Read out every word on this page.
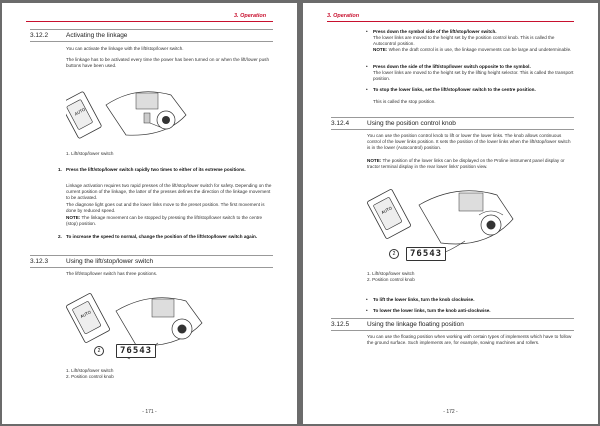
3. Operation
3.12.2	Activating the linkage
You can activate the linkage with the lift/stop/lower switch.
The linkage has to be activated every time the power has been turned on or when the lift/lower push buttons have been used.
AUTO
1. Lift/stop/lower switch
1. Press the lift/stop/lower switch rapidly two times to either of its extreme positions.
Linkage activation requires two rapid presses of the lift/stop/lower switch for safety. Depending on the current position of the linkage, the latter of the presses defines the direction of the linkage movement to be activated.
The diagnose light goes out and the lower links move to the preset position. The first movement is done by reduced speed.
NOTE: The linkage movement can be stopped by pressing the lift/stop/lower switch to the centre (stop) position.
2. To increase the speed to normal, change the position of the lift/stop/lower switch again.
3.12.3	Using the lift/stop/lower switch
The lift/stop/lower switch has three positions.
AUTO
2	76543
1. Lift/stop/lower switch
2. Position control knob
- 171 -
3. Operation
• Press down the symbol side of the lift/stop/lower switch.
The lower links are moved to the height set by the position control knob. This is called the Autocontrol position.
NOTE: When the draft control is in use, the linkage movements can be large and undeterminable.
• Press down the side of the lift/stop/lower switch opposite to the symbol.
The lower links are moved to the height set by the lifting height selector. This is called the transport position.
• To stop the lower links, set the lift/stop/lower switch to the centre position.
This is called the stop position.
3.12.4	Using the position control knob
You can use the position control knob to lift or lower the lower links. The knob allows continuous control of the lower links position. It sets the position of the lower links when the lift/stop/lower switch is in the lower (Autocontrol) position.
NOTE: The position of the lower links can be displayed on the Proline instrument panel display or tractor terminal display in the rear lower links' position view.
AUTO
2	76543
1. Lift/stop/lower switch
2. Position control knob
• To lift the lower links, turn the knob clockwise.
• To lower the lower links, turn the knob anti-clockwise.
3.12.5	Using the linkage floating position
You can use the floating position when working with certain types of implements which have to follow the ground surface. Such implements are, for example, sowing machines and rollers.
- 172 -
